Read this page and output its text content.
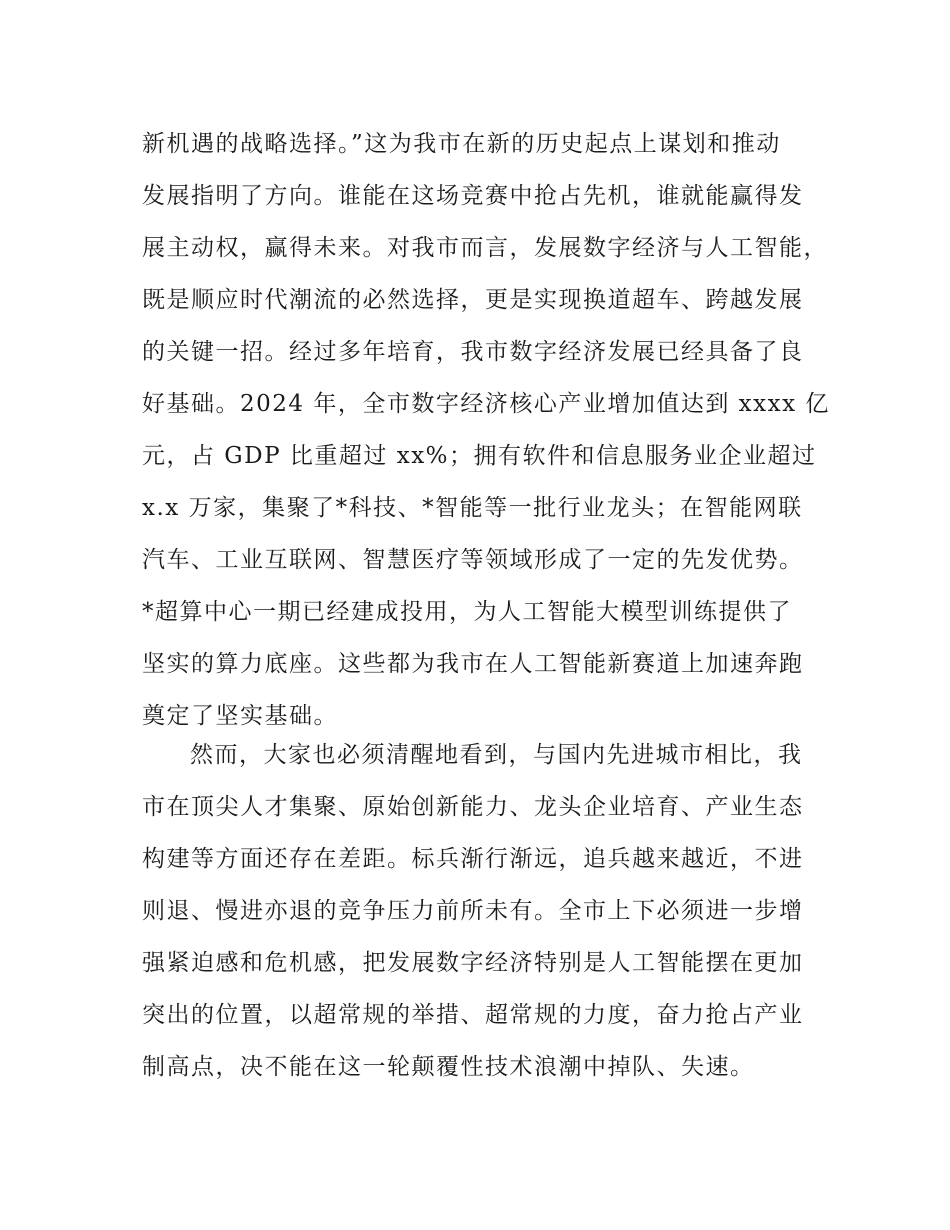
新机遇的战略选择。”这为我市在新的历史起点上谋划和推动
发展指明了方向。谁能在这场竞赛中抢占先机，谁就能赢得发
展主动权，赢得未来。对我市而言，发展数字经济与人工智能，
既是顺应时代潮流的必然选择，更是实现换道超车、跨越发展
的关键一招。经过多年培育，我市数字经济发展已经具备了良
好基础。2024 年，全市数字经济核心产业增加值达到 xxxx 亿
元，占 GDP 比重超过 xx%；拥有软件和信息服务业企业超过
x.x 万家，集聚了*科技、*智能等一批行业龙头；在智能网联
汽车、工业互联网、智慧医疗等领域形成了一定的先发优势。
*超算中心一期已经建成投用，为人工智能大模型训练提供了
坚实的算力底座。这些都为我市在人工智能新赛道上加速奔跑
奠定了坚实基础。
然而，大家也必须清醒地看到，与国内先进城市相比，我
市在顶尖人才集聚、原始创新能力、龙头企业培育、产业生态
构建等方面还存在差距。标兵渐行渐远，追兵越来越近，不进
则退、慢进亦退的竞争压力前所未有。全市上下必须进一步增
强紧迫感和危机感，把发展数字经济特别是人工智能摆在更加
突出的位置，以超常规的举措、超常规的力度，奋力抢占产业
制高点，决不能在这一轮颠覆性技术浪潮中掉队、失速。
